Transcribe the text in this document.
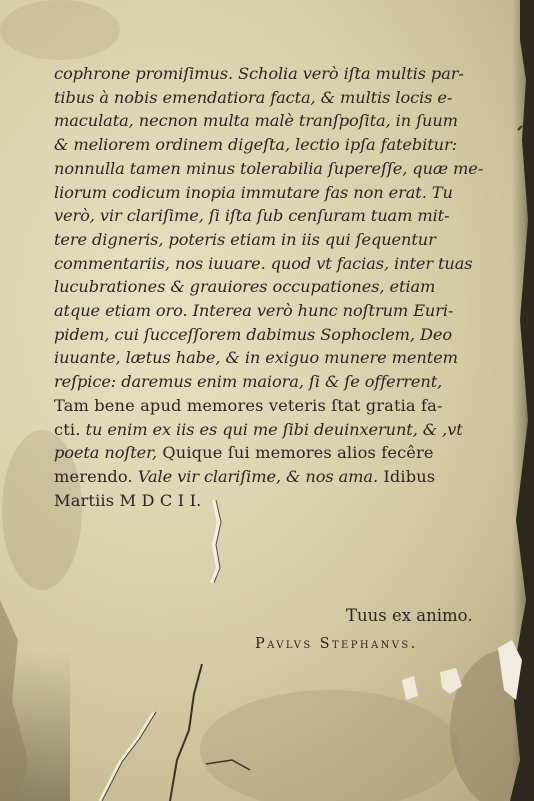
cophrone promiſimus. Scholia verò iſta multis par-
tibus à nobis emendatiora facta, & multis locis e-
maculata, necnon multa malè tranſpoſita, in ſuum
& meliorem ordinem digeſta, lectio ipſa fatebitur:
nonnulla tamen minus tolerabilia ſupereſſe, quæ me-
liorum codicum inopia immutare fas non erat. Tu
verò, vir clariſime, ſi iſta ſub cenſuram tuam mit-
tere digneris, poteris etiam in iis qui ſequentur
commentariis, nos iuuare. quod vt facias, inter tuas
lucubrationes & grauiores occupationes, etiam
atque etiam oro. Interea verò hunc noſtrum Euri-
pidem, cui ſucceſſorem dabimus Sophoclem, Deo
iuuante, lætus habe, & in exiguo munere mentem
reſpice: daremus enim maiora, ſi & ſe offerrent,
Tam bene apud memores veteris ſtat gratia fa-
cti. tu enim ex iis es qui me ſibi deuinxerunt, & ,vt
poeta noſter, Quique ſui memores alios fecêre
merendo. Vale vir clariſime, & nos ama. Idibus
Martiis M D C I I.
Tuus ex animo.
Pavlvs Stephanvs.
